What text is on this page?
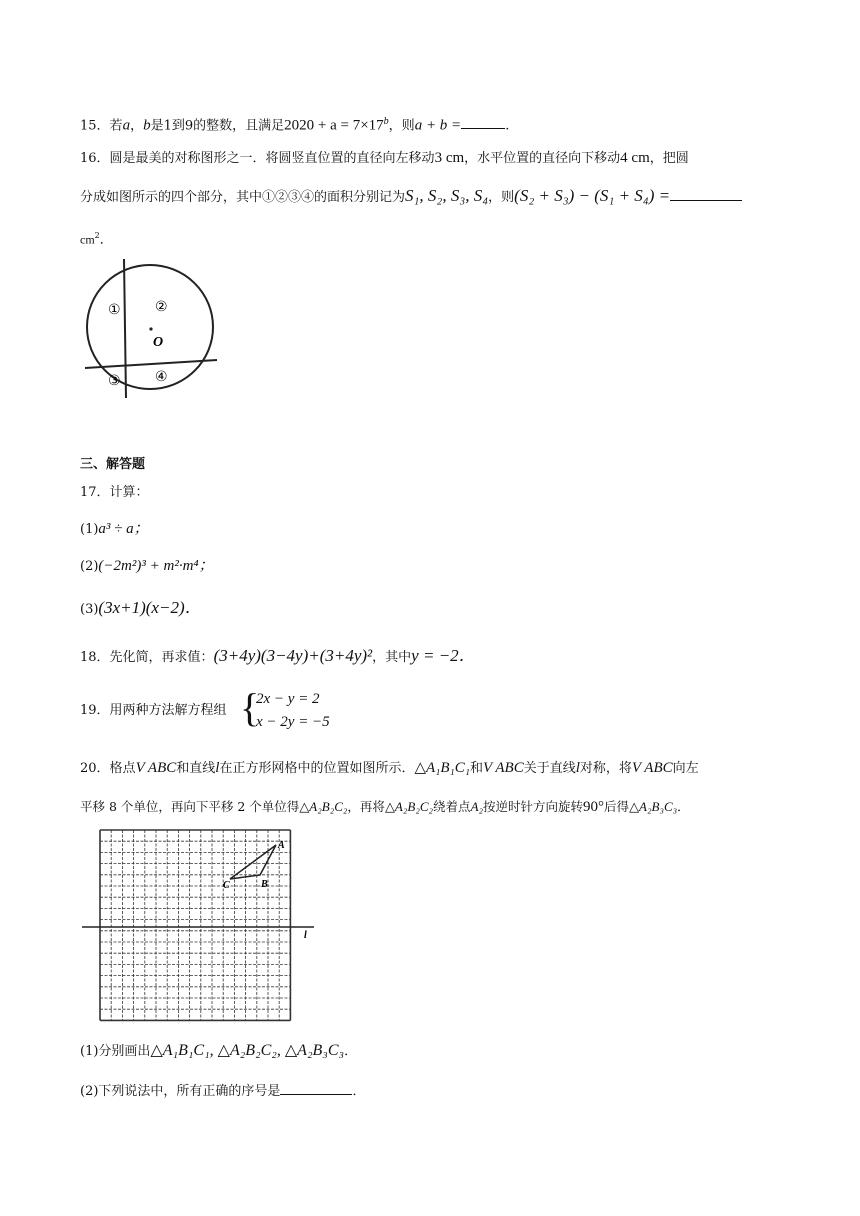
15．若a，b是1到9的整数，且满足$2020 + a = 7\times 17^b$，则a + b =	.
16．圆是最美的对称图形之一．将圆竖直位置的直径向左移动3 cm，水平位置的直径向下移动4 cm，把圆
分成如图所示的四个部分，其中①②③④的面积分别记为S₁, S₂, S₃, S₄，则(S₂ + S₃) − (S₁ + S₄) =
$cm^2$．
① ②
O
③ ④
三、解答题
17．计算：
(1)a³ ÷ a；
(2)(−2m²)³ + m²·m⁴；
(3)(3x+1)(x−2)．
18．先化简，再求值：(3+4y)(3−4y)+(3+4y)²，其中y = −2．
19．用两种方法解方程组 {
2x − y = 2
x − 2y = −5
20．格点V ABC和直线l在正方形网格中的位置如图所示．△A₁B₁C₁和V ABC关于直线l对称，将V ABC向左
平移 8 个单位，再向下平移 2 个单位得△A₂B₂C₂，再将△A₂B₂C₂绕着点A₂按逆时针方向旋转90°后得△A₂B₃C₃．
A
B
C
l
(1)分别画出△A₁B₁C₁, △A₂B₂C₂, △A₂B₃C₃．
(2)下列说法中，所有正确的序号是	．
